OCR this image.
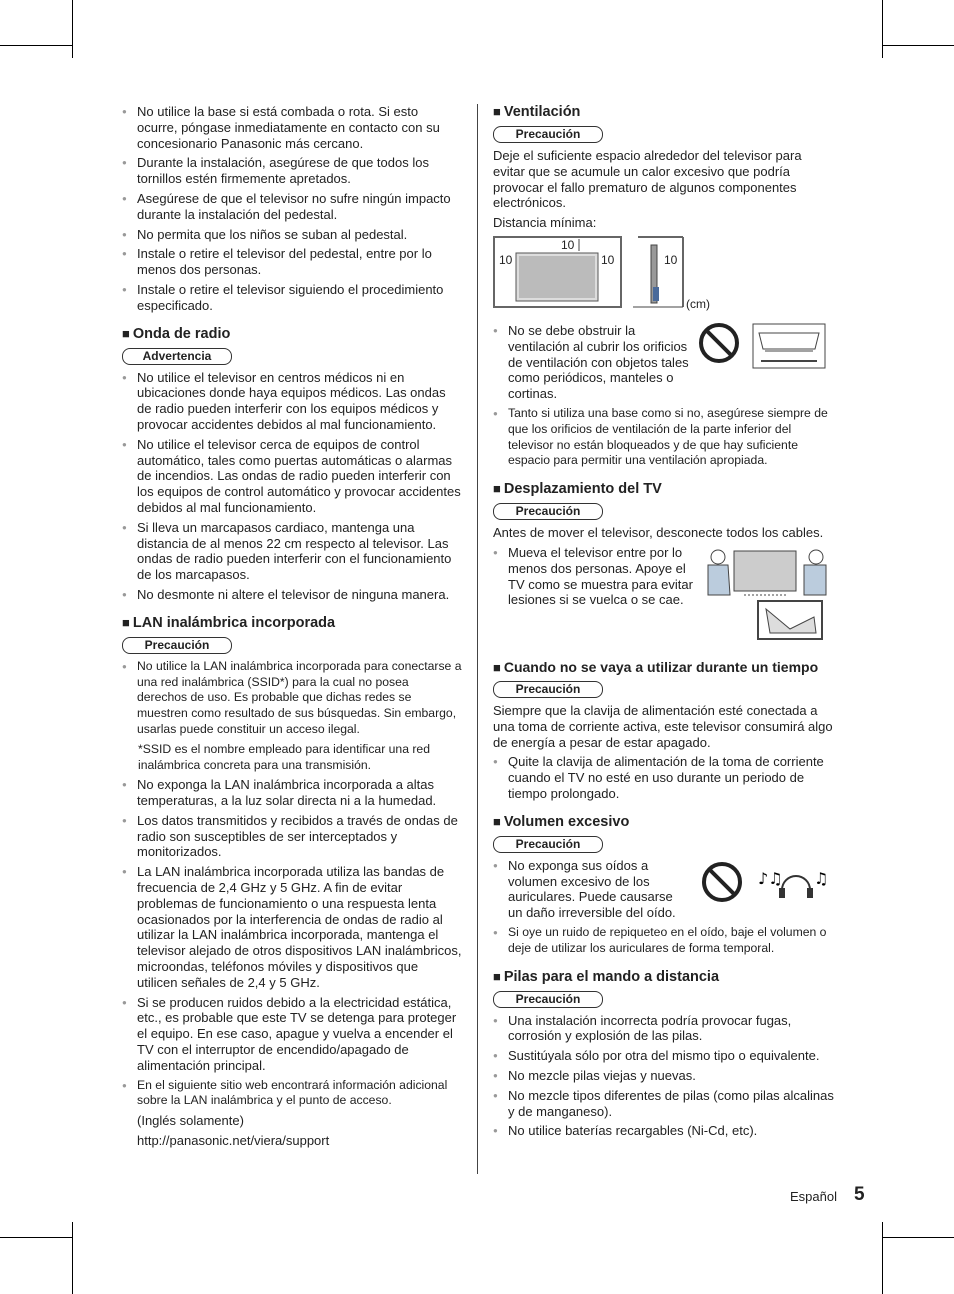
● No utilice la base si está combada o rota. Si esto ocurre, póngase inmediatamente en contacto con su concesionario Panasonic más cercano.
● Durante la instalación, asegúrese de que todos los tornillos estén firmemente apretados.
● Asegúrese de que el televisor no sufre ningún impacto durante la instalación del pedestal.
● No permita que los niños se suban al pedestal.
● Instale o retire el televisor del pedestal, entre por lo menos dos personas.
● Instale o retire el televisor siguiendo el procedimiento especificado.
■ Onda de radio
Advertencia
● No utilice el televisor en centros médicos ni en ubicaciones donde haya equipos médicos. Las ondas de radio pueden interferir con los equipos médicos y provocar accidentes debidos al mal funcionamiento.
● No utilice el televisor cerca de equipos de control automático, tales como puertas automáticas o alarmas de incendios. Las ondas de radio pueden interferir con los equipos de control automático y provocar accidentes debidos al mal funcionamiento.
● Si lleva un marcapasos cardiaco, mantenga una distancia de al menos 22 cm respecto al televisor. Las ondas de radio pueden interferir con el funcionamiento de los marcapasos.
● No desmonte ni altere el televisor de ninguna manera.
■ LAN inalámbrica incorporada
Precaución
● No utilice la LAN inalámbrica incorporada para conectarse a una red inalámbrica (SSID*) para la cual no posea derechos de uso. Es probable que dichas redes se muestren como resultado de sus búsquedas. Sin embargo, usarlas puede constituir un acceso ilegal.
*SSID es el nombre empleado para identificar una red inalámbrica concreta para una transmisión.
● No exponga la LAN inalámbrica incorporada a altas temperaturas, a la luz solar directa ni a la humedad.
● Los datos transmitidos y recibidos a través de ondas de radio son susceptibles de ser interceptados y monitorizados.
● La LAN inalámbrica incorporada utiliza las bandas de frecuencia de 2,4 GHz y 5 GHz. A fin de evitar problemas de funcionamiento o una respuesta lenta ocasionados por la interferencia de ondas de radio al utilizar la LAN inalámbrica incorporada, mantenga el televisor alejado de otros dispositivos LAN inalámbricos, microondas, teléfonos móviles y dispositivos que utilicen señales de 2,4 y 5 GHz.
● Si se producen ruidos debido a la electricidad estática, etc., es probable que este TV se detenga para proteger el equipo. En ese caso, apague y vuelva a encender el TV con el interruptor de encendido/apagado de alimentación principal.
● En el siguiente sitio web encontrará información adicional sobre la LAN inalámbrica y el punto de acceso.
(Inglés solamente)
http://panasonic.net/viera/support
■ Ventilación
Precaución
Deje el suficiente espacio alrededor del televisor para evitar que se acumule un calor excesivo que podría provocar el fallo prematuro de algunos componentes electrónicos.
Distancia mínima:
10
10	10	10
(cm)
● No se debe obstruir la ventilación al cubrir los orificios de ventilación con objetos tales como periódicos, manteles o cortinas.
● Tanto si utiliza una base como si no, asegúrese siempre de que los orificios de ventilación de la parte inferior del televisor no están bloqueados y de que hay suficiente espacio para permitir una ventilación apropiada.
■ Desplazamiento del TV
Precaución
Antes de mover el televisor, desconecte todos los cables.
● Mueva el televisor entre por lo menos dos personas. Apoye el TV como se muestra para evitar lesiones si se vuelca o se cae.
■ Cuando no se vaya a utilizar durante un tiempo
Precaución
Siempre que la clavija de alimentación esté conectada a una toma de corriente activa, este televisor consumirá algo de energía a pesar de estar apagado.
● Quite la clavija de alimentación de la toma de corriente cuando el TV no esté en uso durante un periodo de tiempo prolongado.
■ Volumen excesivo
Precaución
● No exponga sus oídos a volumen excesivo de los auriculares. Puede causarse un daño irreversible del oído.
♪♫ ♫
● Si oye un ruido de repiqueteo en el oído, baje el volumen o deje de utilizar los auriculares de forma temporal.
■ Pilas para el mando a distancia
Precaución
● Una instalación incorrecta podría provocar fugas, corrosión y explosión de las pilas.
● Sustitúyala sólo por otra del mismo tipo o equivalente.
● No mezcle pilas viejas y nuevas.
● No mezcle tipos diferentes de pilas (como pilas alcalinas y de manganeso).
● No utilice baterías recargables (Ni-Cd, etc).
Español 5
